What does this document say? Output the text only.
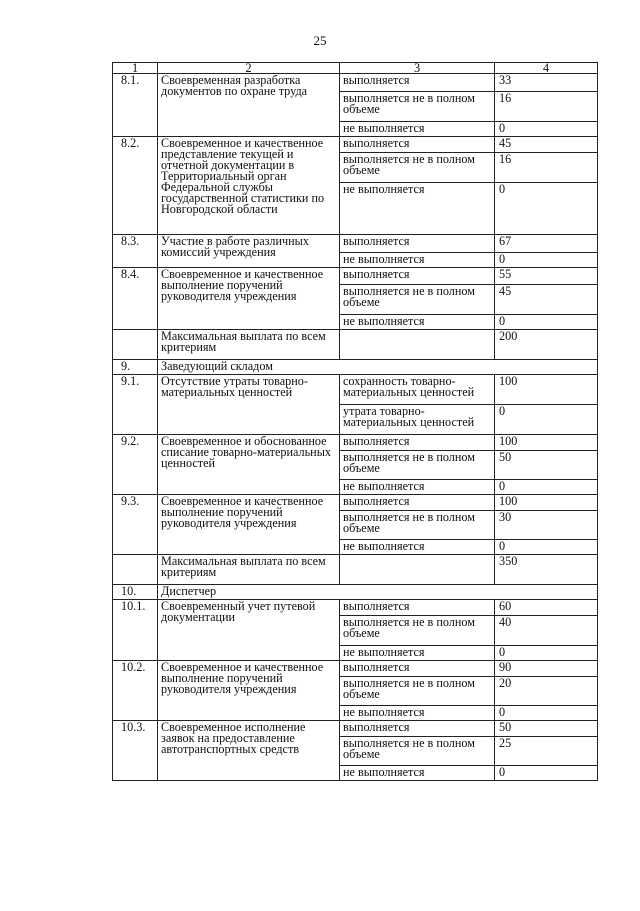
25
1	2	3	4
8.1.	Своевременная разработка документов по охране труда	выполняется	33
		выполняется не в полном объеме	16
		не выполняется	0
8.2.	Своевременное и качественное представление текущей и отчетной документации в Территориальный орган Федеральной службы государственной статистики по Новгородской области	выполняется	45
		выполняется не в полном объеме	16
		не выполняется	0
8.3.	Участие в работе различных комиссий учреждения	выполняется	67
		не выполняется	0
8.4.	Своевременное и качественное выполнение поручений руководителя учреждения	выполняется	55
		выполняется не в полном объеме	45
		не выполняется	0
	Максимальная выплата по всем критериям		200
9.	Заведующий складом		
9.1.	Отсутствие утраты товарно-материальных ценностей	сохранность товарно-материальных ценностей	100
		утрата товарно-материальных ценностей	0
9.2.	Своевременное и обоснованное списание товарно-материальных ценностей	выполняется	100
		выполняется не в полном объеме	50
		не выполняется	0
9.3.	Своевременное и качественное выполнение поручений руководителя учреждения	выполняется	100
		выполняется не в полном объеме	30
		не выполняется	0
	Максимальная выплата по всем критериям		350
10.	Диспетчер		
10.1.	Своевременный учет путевой документации	выполняется	60
		выполняется не в полном объеме	40
		не выполняется	0
10.2.	Своевременное и качественное выполнение поручений руководителя учреждения	выполняется	90
		выполняется не в полном объеме	20
		не выполняется	0
10.3.	Своевременное исполнение заявок на предоставление автотранспортных средств	выполняется	50
		выполняется не в полном объеме	25
		не выполняется	0
